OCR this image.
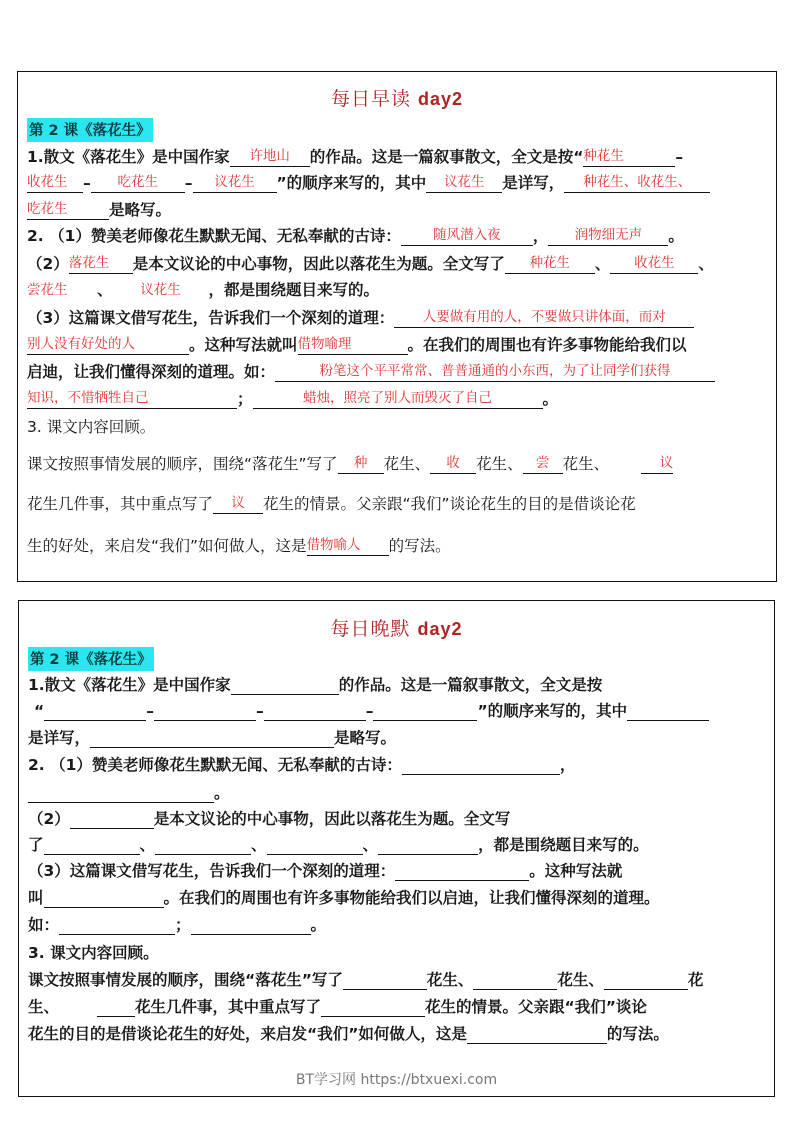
每日早读 day2
第 2 课《落花生》
1.散文《落花生》是中国作家 许地山 的作品。这是一篇叙事散文，全文是按“种花生	–
收花生 – 吃花生 – 议花生 ”的顺序来写的，其中 议花生 是详写， 种花生、收花生、
吃花生	是略写。
2. （1）赞美老师像花生默默无闻、无私奉献的古诗： 随风潜入夜 ， 润物细无声 。
（2）落花生 是本文议论的中心事物，因此以落花生为题。全文写了 种花生 、 收花生 、
尝花生 、 议花生 ，都是围绕题目来写的。
（3）这篇课文借写花生，告诉我们一个深刻的道理： 人要做有用的人，不要做只讲体面，而对
别人没有好处的人	。这种写法就叫借物喻理	。在我们的周围也有许多事物能给我们以
启迪，让我们懂得深刻的道理。如：	粉笔这个平平常常、普普通通的小东西，为了让同学们获得
知识，不惜牺牲自己	；	蜡烛，照亮了别人而毁灭了自己	。
3. 课文内容回顾。
课文按照事情发展的顺序，围绕“落花生”写了 种 花生、 收 花生、 尝 花生、	议
花生几件事，其中重点写了 议 花生的情景。父亲跟“我们”谈论花生的目的是借谈论花
生的好处，来启发“我们”如何做人，这是借物喻人 的写法。
每日晚默 day2
第 2 课《落花生》
1.散文《落花生》是中国作家	的作品。这是一篇叙事散文，全文是按
“	–	–	–	”的顺序来写的，其中
是详写，	是略写。
2. （1）赞美老师像花生默默无闻、无私奉献的古诗：	，
。
（2）	是本文议论的中心事物，因此以落花生为题。全文写
了	、	、	、	，都是围绕题目来写的。
（3）这篇课文借写花生，告诉我们一个深刻的道理：	。这种写法就
叫	。在我们的周围也有许多事物能给我们以启迪，让我们懂得深刻的道理。
如：	；	。
3. 课文内容回顾。
课文按照事情发展的顺序，围绕“落花生”写了	花生、	花生、	花
生、	花生几件事，其中重点写了	花生的情景。父亲跟“我们”谈论
花生的目的是借谈论花生的好处，来启发“我们”如何做人，这是	的写法。
BT学习网 https://btxuexi.com
